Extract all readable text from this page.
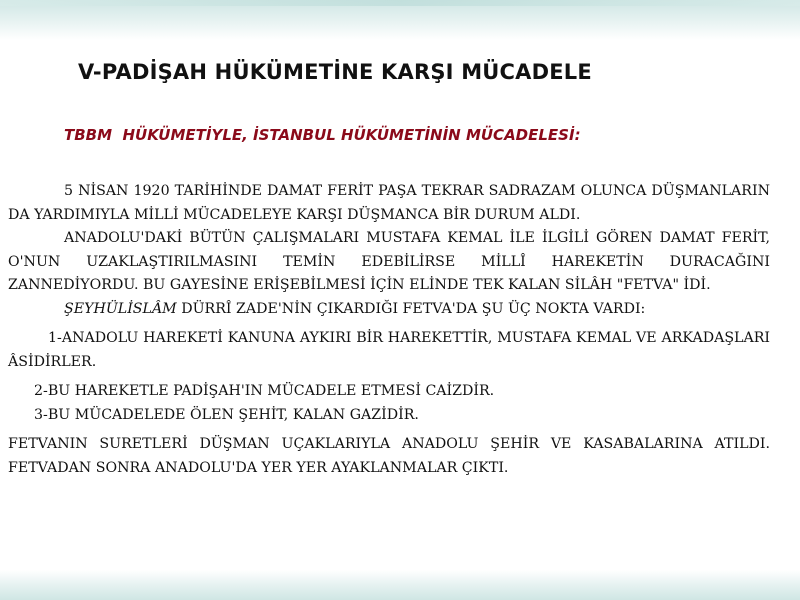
V-PADİŞAH HÜKÜMETİNE KARŞI MÜCADELE
TBBM  HÜKÜMETİYLE, İSTANBUL HÜKÜMETİNİN MÜCADELESİ:

5 NİSAN 1920 TARİHİNDE DAMAT FERİT PAŞA TEKRAR SADRAZAM OLUNCA DÜŞMANLARIN DA YARDIMIYLA MİLLİ MÜCADELEYE KARŞI DÜŞMANCA BİR DURUM ALDI.

ANADOLU'DAKİ BÜTÜN ÇALIŞMALARI MUSTAFA KEMAL İLE İLGİLİ GÖREN DAMAT FERİT, O'NUN UZAKLAŞTIRILMASINI TEMİN EDEBİLİRSE MİLLÎ HAREKETİN DURACAĞINI ZANNEDİYORDU. BU GAYESİNE ERİŞEBİLMESİ İÇİN ELİNDE TEK KALAN SİLÂH "FETVA" İDİ.

ŞEYHÜLİSLÂM DÜRRÎ ZADE'NİN ÇIKARDIĞI FETVA'DA ŞU ÜÇ NOKTA VARDI:

1-ANADOLU HAREKETİ KANUNA AYKIRI BİR HAREKETTİR, MUSTAFA KEMAL VE ARKADAŞLARI ÂSİDİRLER.

2-BU HAREKETLE PADİŞAH'IN MÜCADELE ETMESİ CAİZDİR.

3-BU MÜCADELEDE ÖLEN ŞEHİT, KALAN GAZİDİR.

FETVANIN SURETLERİ DÜŞMAN UÇAKLARIYLA ANADOLU ŞEHİR VE KASABALARINA ATILDI. FETVADAN SONRA ANADOLU'DA YER YER AYAKLANMALAR ÇIKTI.
